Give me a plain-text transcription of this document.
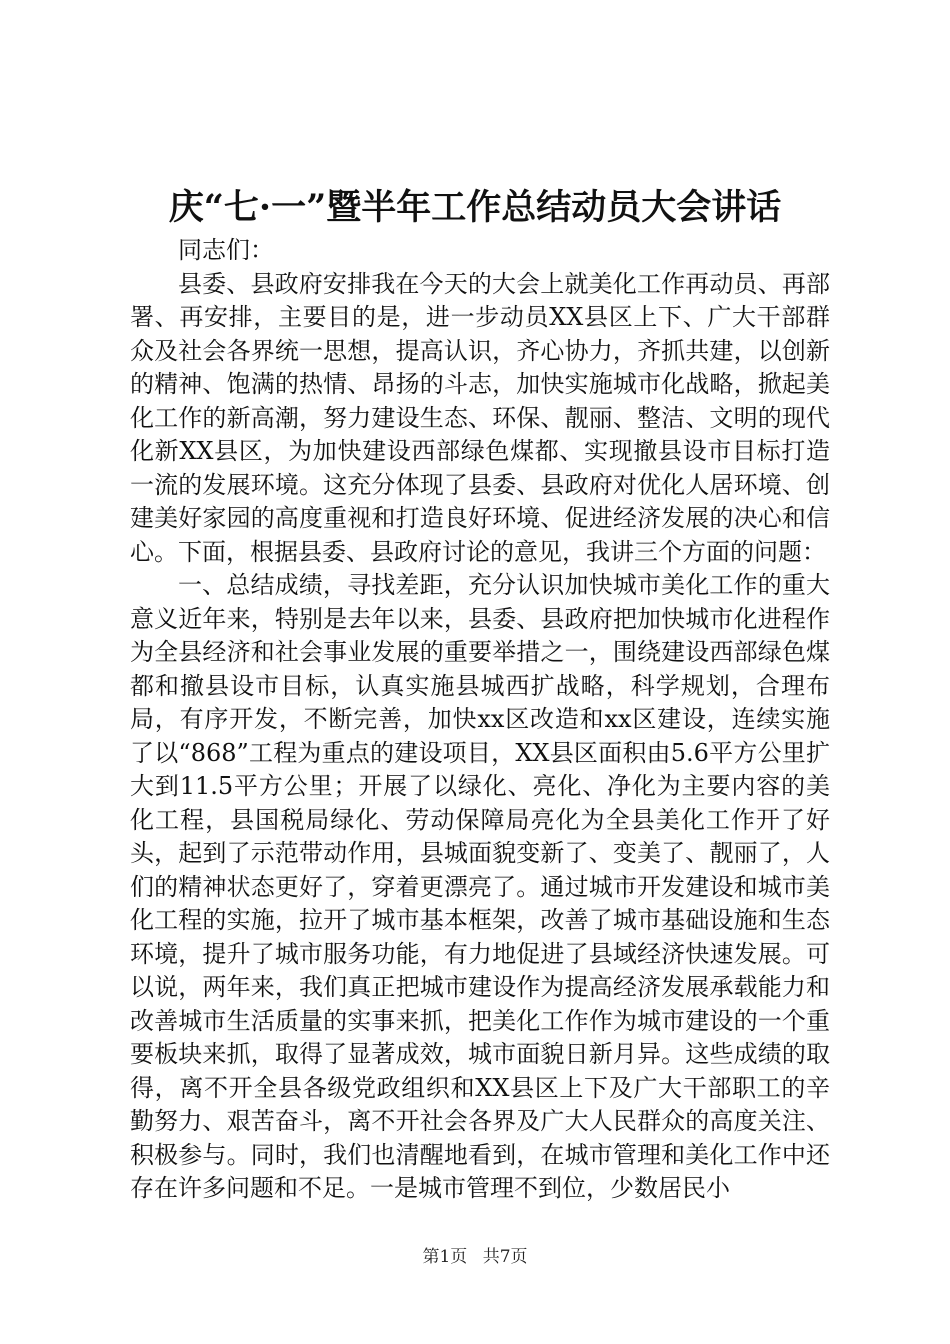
庆“七·一”暨半年工作总结动员大会讲话
同志们：

县委、县政府安排我在今天的大会上就美化工作再动员、再部署、再安排，主要目的是，进一步动员XX县区上下、广大干部群众及社会各界统一思想，提高认识，齐心协力，齐抓共建，以创新的精神、饱满的热情、昂扬的斗志，加快实施城市化战略，掀起美化工作的新高潮，努力建设生态、环保、靓丽、整洁、文明的现代化新XX县区，为加快建设西部绿色煤都、实现撤县设市目标打造一流的发展环境。这充分体现了县委、县政府对优化人居环境、创建美好家园的高度重视和打造良好环境、促进经济发展的决心和信心。下面，根据县委、县政府讨论的意见，我讲三个方面的问题：

一、总结成绩，寻找差距，充分认识加快城市美化工作的重大意义近年来，特别是去年以来，县委、县政府把加快城市化进程作为全县经济和社会事业发展的重要举措之一，围绕建设西部绿色煤都和撤县设市目标，认真实施县城西扩战略，科学规划，合理布局，有序开发，不断完善，加快xx区改造和xx区建设，连续实施了以“868”工程为重点的建设项目，XX县区面积由5.6平方公里扩大到11.5平方公里；开展了以绿化、亮化、净化为主要内容的美化工程，县国税局绿化、劳动保障局亮化为全县美化工作开了好头，起到了示范带动作用，县城面貌变新了、变美了、靓丽了，人们的精神状态更好了，穿着更漂亮了。通过城市开发建设和城市美化工程的实施，拉开了城市基本框架，改善了城市基础设施和生态环境，提升了城市服务功能，有力地促进了县域经济快速发展。可以说，两年来，我们真正把城市建设作为提高经济发展承载能力和改善城市生活质量的实事来抓，把美化工作作为城市建设的一个重要板块来抓，取得了显著成效，城市面貌日新月异。这些成绩的取得，离不开全县各级党政组织和XX县区上下及广大干部职工的辛勤努力、艰苦奋斗，离不开社会各界及广大人民群众的高度关注、积极参与。同时，我们也清醒地看到，在城市管理和美化工作中还存在许多问题和不足。一是城市管理不到位，少数居民小

第1页 共7页
